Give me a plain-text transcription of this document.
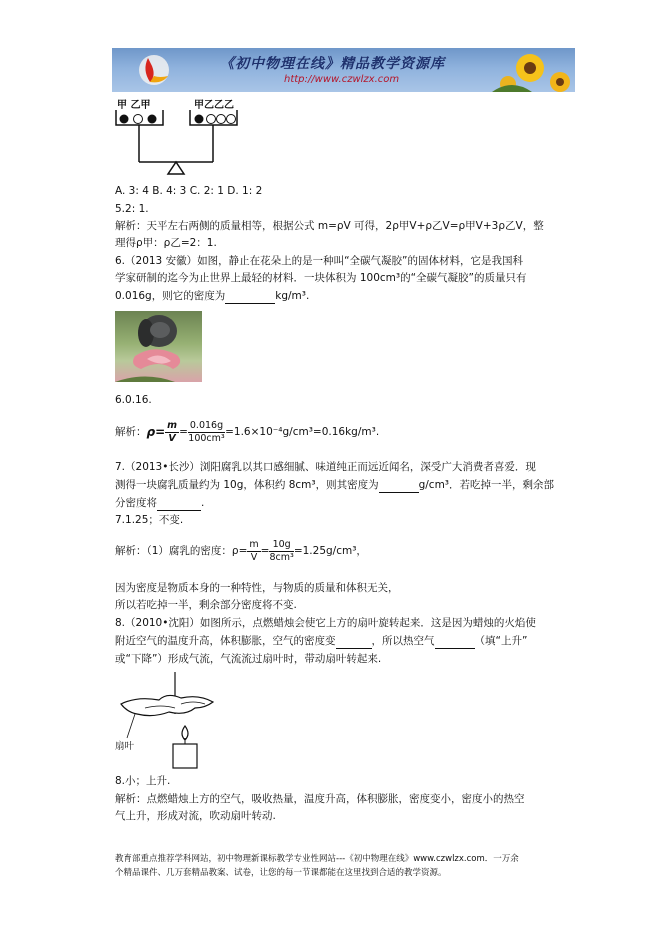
《初中物理在线》精品教学资源库
http://www.czwlzx.com
甲 乙甲	甲乙乙乙
A. 3: 4 B. 4: 3 C. 2: 1 D. 1: 2
5.2: 1.
解析：天平左右两侧的质量相等，根据公式 m=ρV 可得，2ρ甲V+ρ乙V=ρ甲V+3ρ乙V，整
理得ρ甲：ρ乙=2：1.
6.（2013 安徽）如图，静止在花朵上的是一种叫“全碳气凝胶”的固体材料，它是我国科
学家研制的迄今为止世界上最轻的材料．一块体积为 100cm³的“全碳气凝胶”的质量只有
0.016g，则它的密度为	kg/m³.
6.0.16.
解析： $\rho= \frac{m}{V} = \frac{0.016g}{\text{100cm³}} =1.6\times 10^{-4}g/cm^3=0.16kg/m^3$.
7.（2013•长沙）浏阳腐乳以其口感细腻、味道纯正而远近闻名，深受广大消费者喜爱．现
测得一块腐乳质量约为 10g，体积约 8cm³，则其密度为	g/cm³．若吃掉一半，剩余部
分密度将	.
7.1.25；不变.
解析：（1）腐乳的密度：$\rho= \frac{m}{V} = \frac{10g}{\text{8cm³}} =1.25g/cm^3$，
因为密度是物质本身的一种特性，与物质的质量和体积无关，
所以若吃掉一半，剩余部分密度将不变.
8.（2010•沈阳）如图所示，点燃蜡烛会使它上方的扇叶旋转起来．这是因为蜡烛的火焰使
附近空气的温度升高，体积膨胀，空气的密度变	，所以热空气	（填“上升”
或“下降”）形成气流，气流流过扇叶时，带动扇叶转起来.
扇叶
8.小；上升.
解析：点燃蜡烛上方的空气，吸收热量，温度升高，体积膨胀，密度变小，密度小的热空
气上升，形成对流，吹动扇叶转动.
教育部重点推荐学科网站，初中物理新课标教学专业性网站---《初中物理在线》www.czwlzx.com．一万余
个精品课件、几万套精品教案、试卷，让您的每一节课都能在这里找到合适的教学资源。
